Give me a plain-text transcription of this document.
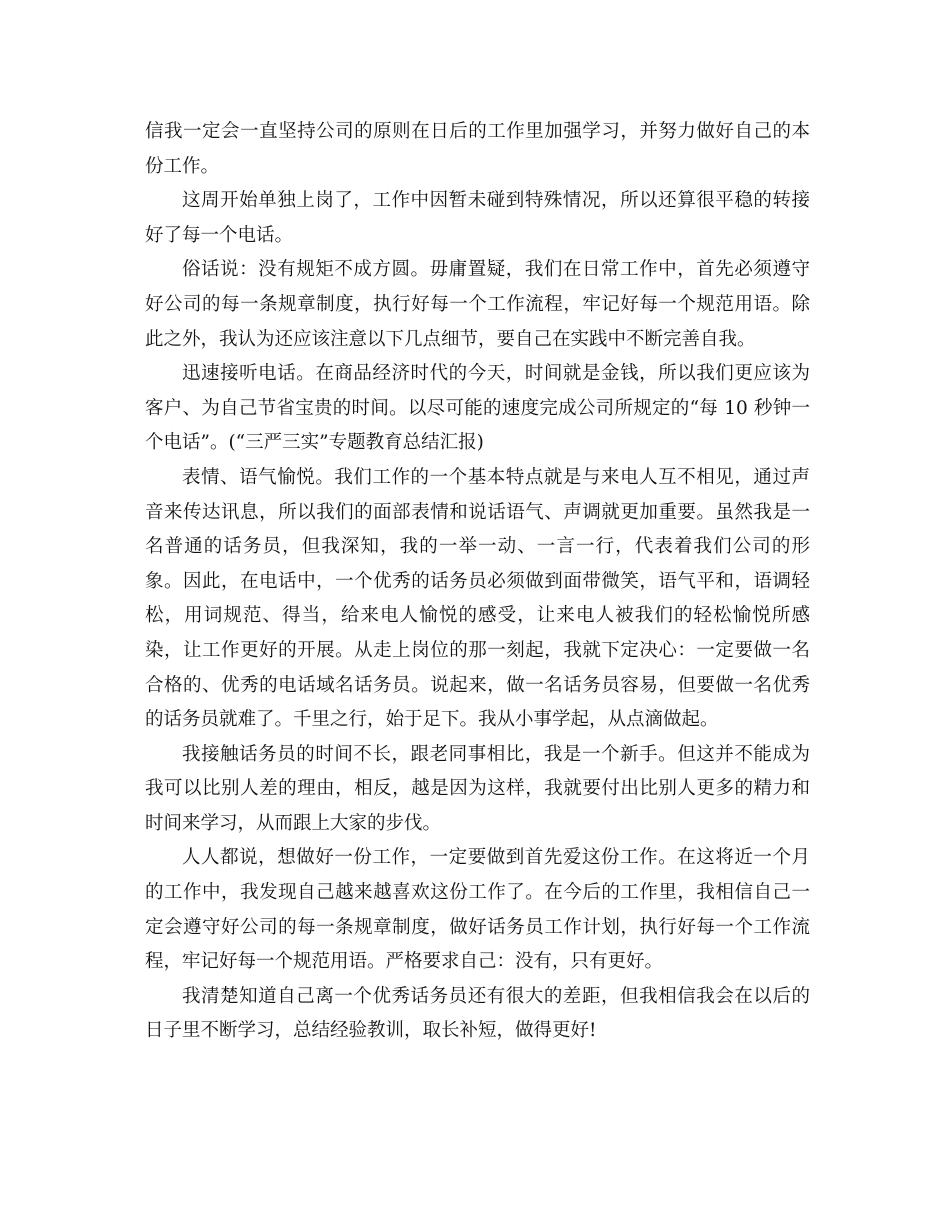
信我一定会一直坚持公司的原则在日后的工作里加强学习，并努力做好自己的本份工作。

这周开始单独上岗了，工作中因暂未碰到特殊情况，所以还算很平稳的转接好了每一个电话。

俗话说：没有规矩不成方圆。毋庸置疑，我们在日常工作中，首先必须遵守好公司的每一条规章制度，执行好每一个工作流程，牢记好每一个规范用语。除此之外，我认为还应该注意以下几点细节，要自己在实践中不断完善自我。

迅速接听电话。在商品经济时代的今天，时间就是金钱，所以我们更应该为客户、为自己节省宝贵的时间。以尽可能的速度完成公司所规定的“每 10 秒钟一个电话”。(“三严三实”专题教育总结汇报)

表情、语气愉悦。我们工作的一个基本特点就是与来电人互不相见，通过声音来传达讯息，所以我们的面部表情和说话语气、声调就更加重要。虽然我是一名普通的话务员，但我深知，我的一举一动、一言一行，代表着我们公司的形象。因此，在电话中，一个优秀的话务员必须做到面带微笑，语气平和，语调轻松，用词规范、得当，给来电人愉悦的感受，让来电人被我们的轻松愉悦所感染，让工作更好的开展。从走上岗位的那一刻起，我就下定决心：一定要做一名合格的、优秀的电话域名话务员。说起来，做一名话务员容易，但要做一名优秀的话务员就难了。千里之行，始于足下。我从小事学起，从点滴做起。

我接触话务员的时间不长，跟老同事相比，我是一个新手。但这并不能成为我可以比别人差的理由，相反，越是因为这样，我就要付出比别人更多的精力和时间来学习，从而跟上大家的步伐。

人人都说，想做好一份工作，一定要做到首先爱这份工作。在这将近一个月的工作中，我发现自己越来越喜欢这份工作了。在今后的工作里，我相信自己一定会遵守好公司的每一条规章制度，做好话务员工作计划，执行好每一个工作流程，牢记好每一个规范用语。严格要求自己：没有，只有更好。

我清楚知道自己离一个优秀话务员还有很大的差距，但我相信我会在以后的日子里不断学习，总结经验教训，取长补短，做得更好!
